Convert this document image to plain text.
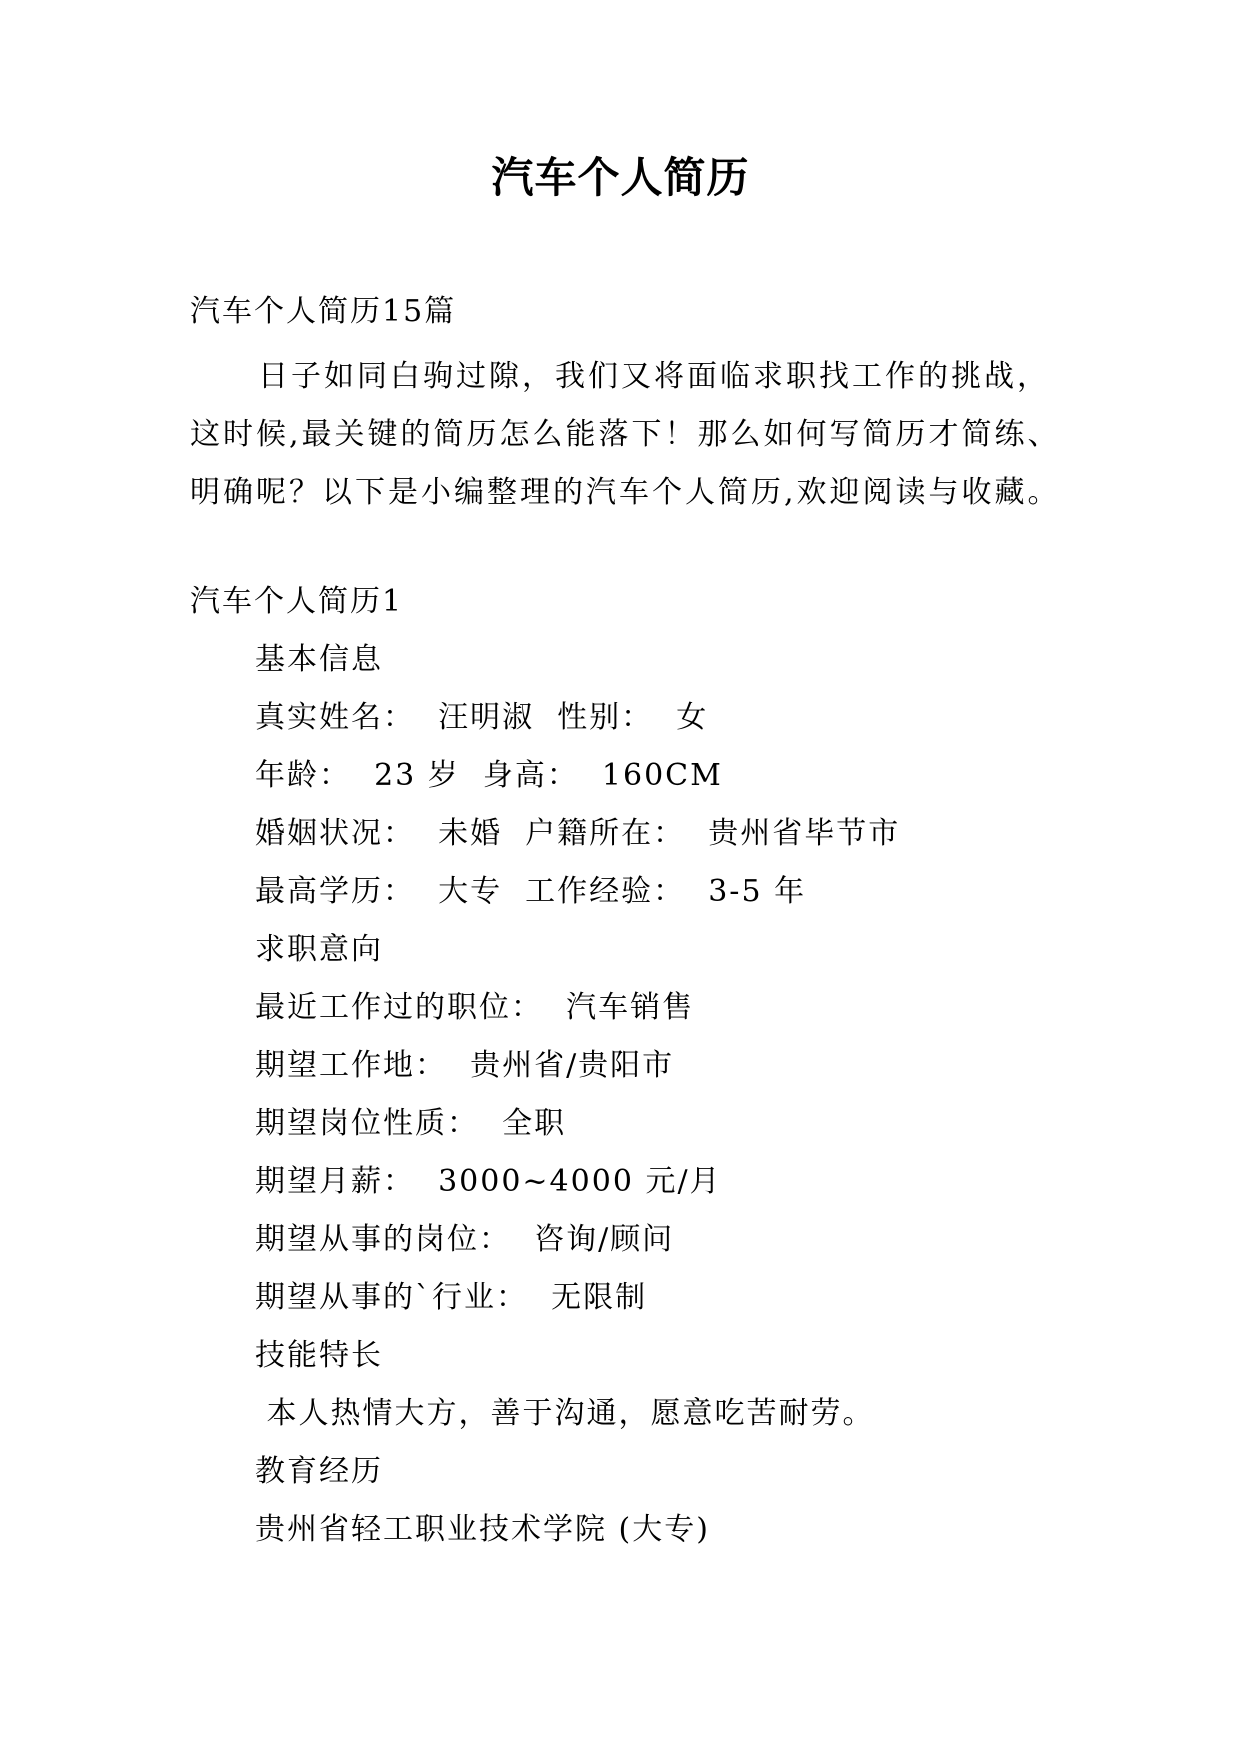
汽车个人简历
汽车个人简历15篇
日子如同白驹过隙，我们又将面临求职找工作的挑战，这时候,最关键的简历怎么能落下！那么如何写简历才简练、明确呢？以下是小编整理的汽车个人简历,欢迎阅读与收藏。
汽车个人简历1
基本信息
真实姓名：  汪明淑  性别：  女
年龄：  23 岁  身高：  160CM
婚姻状况：  未婚  户籍所在：  贵州省毕节市
最高学历：  大专  工作经验：  3-5 年
求职意向
最近工作过的职位：  汽车销售
期望工作地：  贵州省/贵阳市
期望岗位性质：  全职
期望月薪：  3000~4000 元/月
期望从事的岗位：  咨询/顾问
期望从事的`行业：  无限制
技能特长
本人热情大方，善于沟通，愿意吃苦耐劳。
教育经历
贵州省轻工职业技术学院 (大专)
